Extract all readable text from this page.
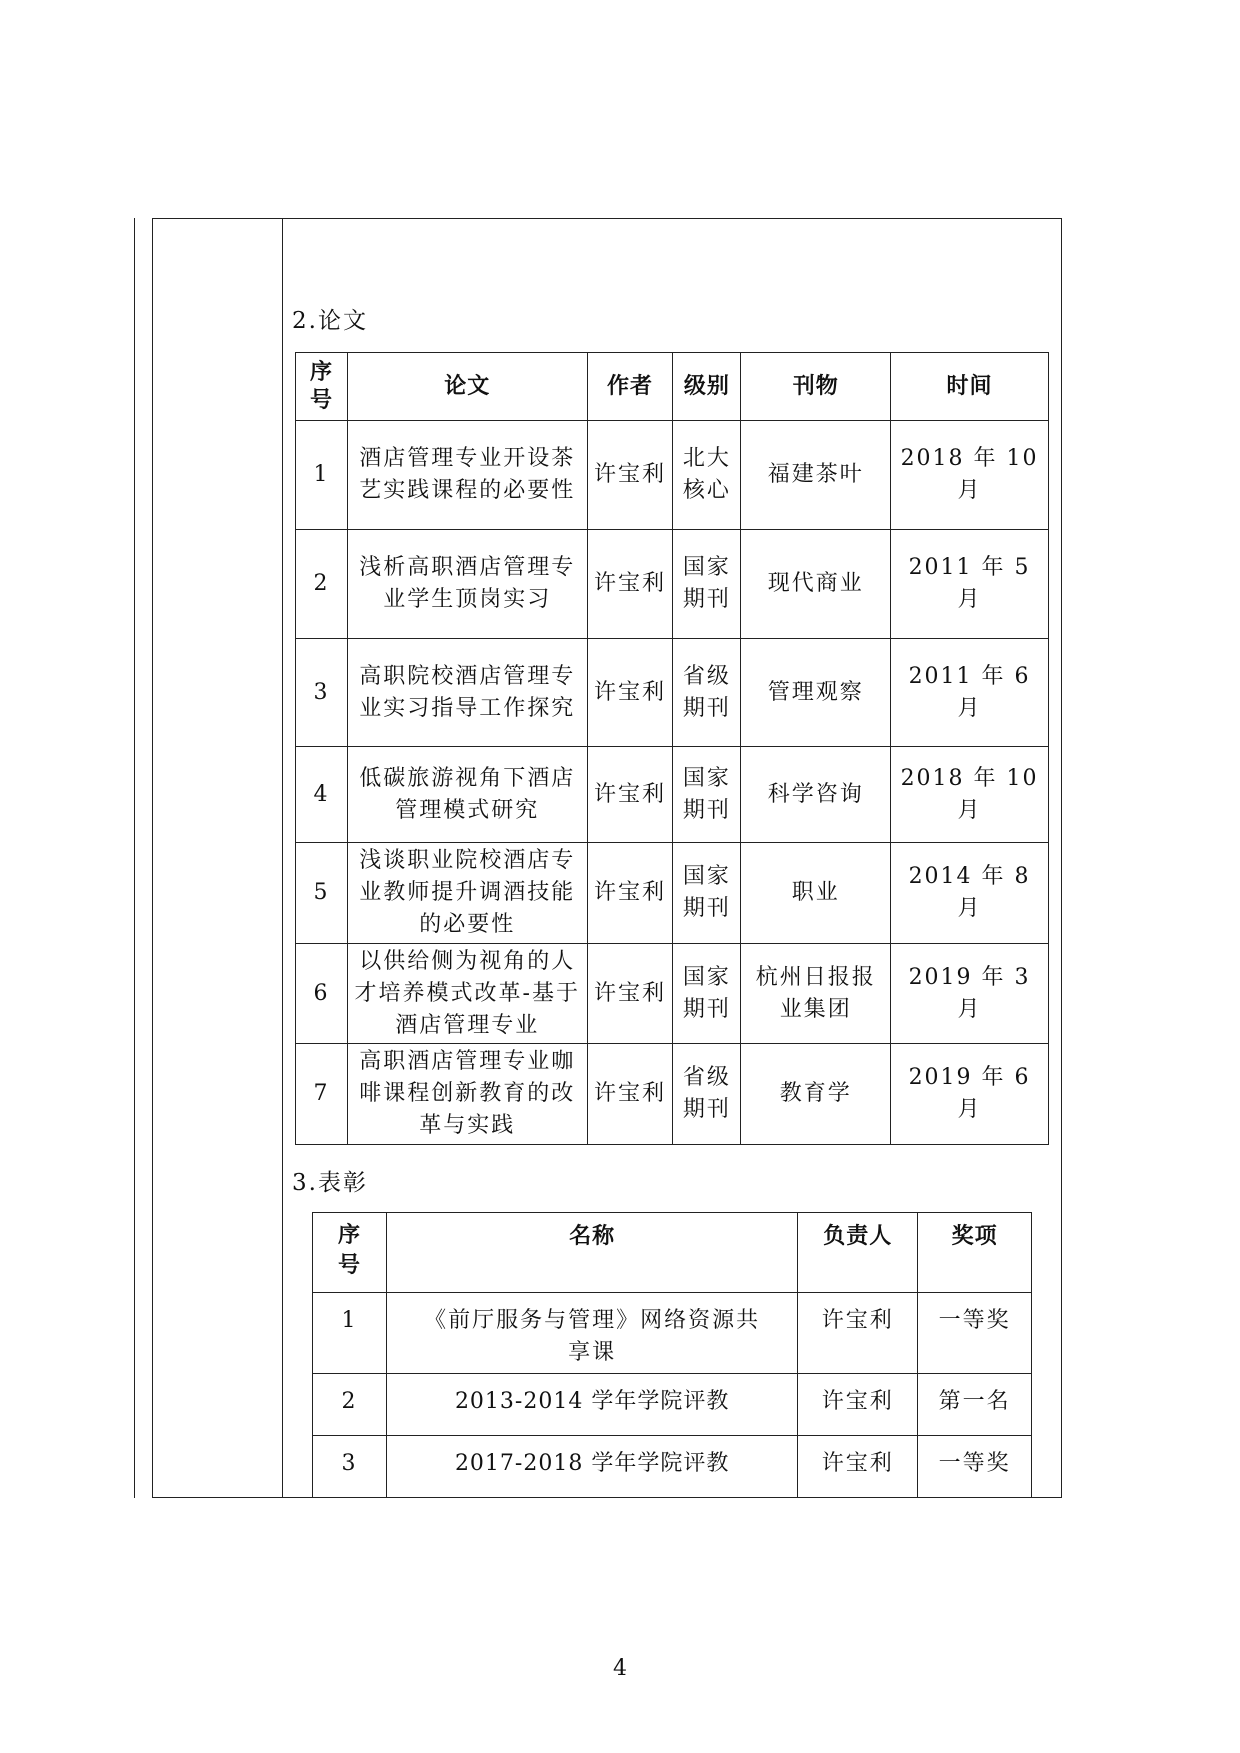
2.论文
序号	论文	作者	级别	刊物	时间
1	酒店管理专业开设茶艺实践课程的必要性	许宝利	北大核心	福建茶叶	2018 年 10 月
2	浅析高职酒店管理专业学生顶岗实习	许宝利	国家期刊	现代商业	2011 年 5 月
3	高职院校酒店管理专业实习指导工作探究	许宝利	省级期刊	管理观察	2011 年 6 月
4	低碳旅游视角下酒店管理模式研究	许宝利	国家期刊	科学咨询	2018 年 10 月
5	浅谈职业院校酒店专业教师提升调酒技能的必要性	许宝利	国家期刊	职业	2014 年 8 月
6	以供给侧为视角的人才培养模式改革-基于酒店管理专业	许宝利	国家期刊	杭州日报报业集团	2019 年 3 月
7	高职酒店管理专业咖啡课程创新教育的改革与实践	许宝利	省级期刊	教育学	2019 年 6 月
3.表彰
序号	名称	负责人	奖项
1	《前厅服务与管理》网络资源共享课	许宝利	一等奖
2	2013-2014 学年学院评教	许宝利	第一名
3	2017-2018 学年学院评教	许宝利	一等奖
4
